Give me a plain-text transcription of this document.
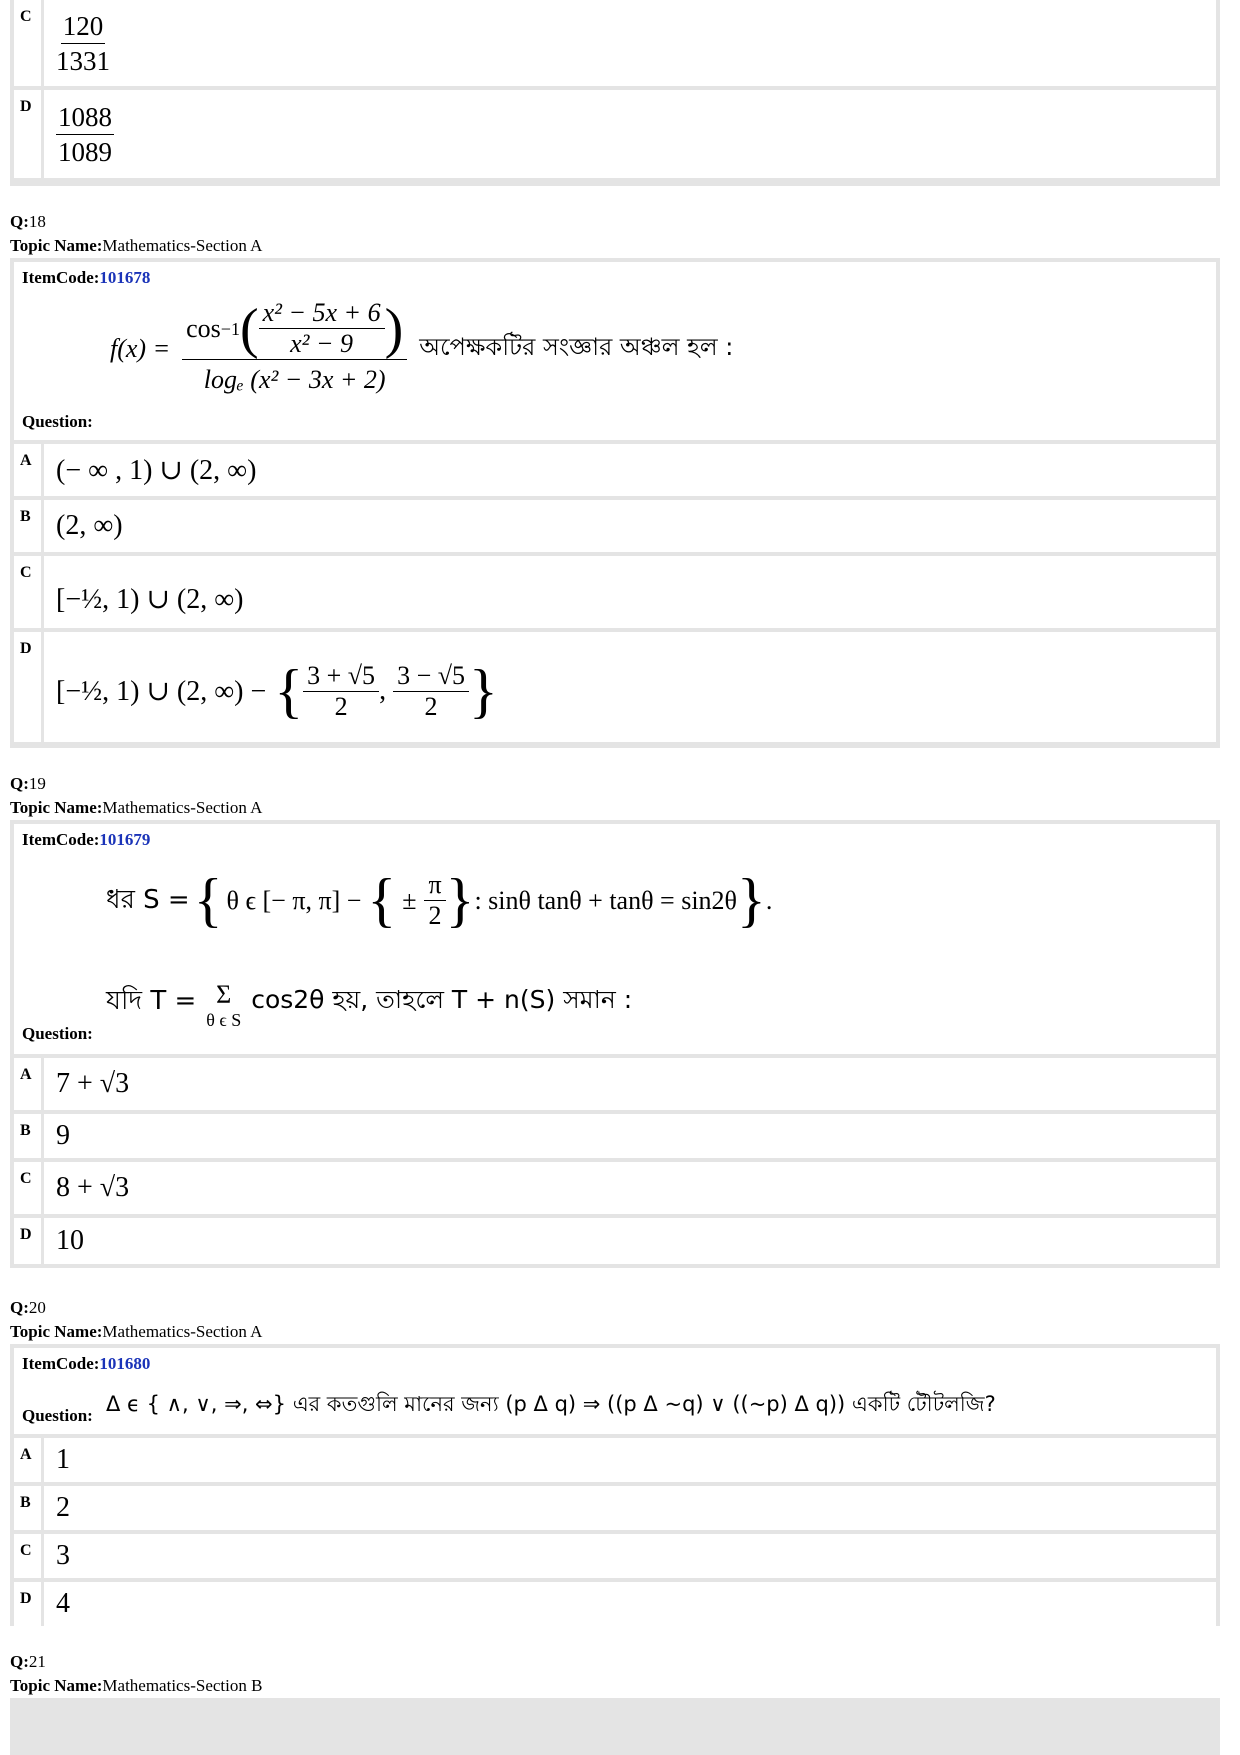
C $\frac{120}{1331}$
D $\frac{1088}{1089}$
Q:18
Topic Name:Mathematics-Section A
ItemCode:101678
f(x) =
cos −1 ( x² − 5x + 6
x² − 9 )
logₑ (x² − 3x + 2)
অপেক্ষকটির সংজ্ঞার অঞ্চল হল :
Question:
A (− ∞ , 1) ∪ (2, ∞)
B (2, ∞)
C
[−½, 1) ∪ (2, ∞)
D
[−½, 1) ∪ (2, ∞) − { 3 + √5
2 , 3 − √5
2 }
Q:19
Topic Name:Mathematics-Section A
ItemCode:101679
ধর S = { θ ϵ [− π, π] − { ± $\frac{\pi}{2}$ } : sinθ tanθ + tanθ = sin2θ } .
যদি T = Σ
θ ϵ S
cos2θ হয়, তাহলে T + n(S) সমান :
Question:
A 7 + √3
B 9
C 8 + √3
D 10
Q:20
Topic Name:Mathematics-Section A
ItemCode:101680
Δ ϵ { ∧, ∨, ⇒, ⇔} এর কতগুলি মানের জন্য (p Δ q) ⇒ ((p Δ ~q) ∨ ((~p) Δ q)) একটি টৌটলজি?
Question:
A 1
B 2
C 3
D 4
Q:21
Topic Name:Mathematics-Section B
